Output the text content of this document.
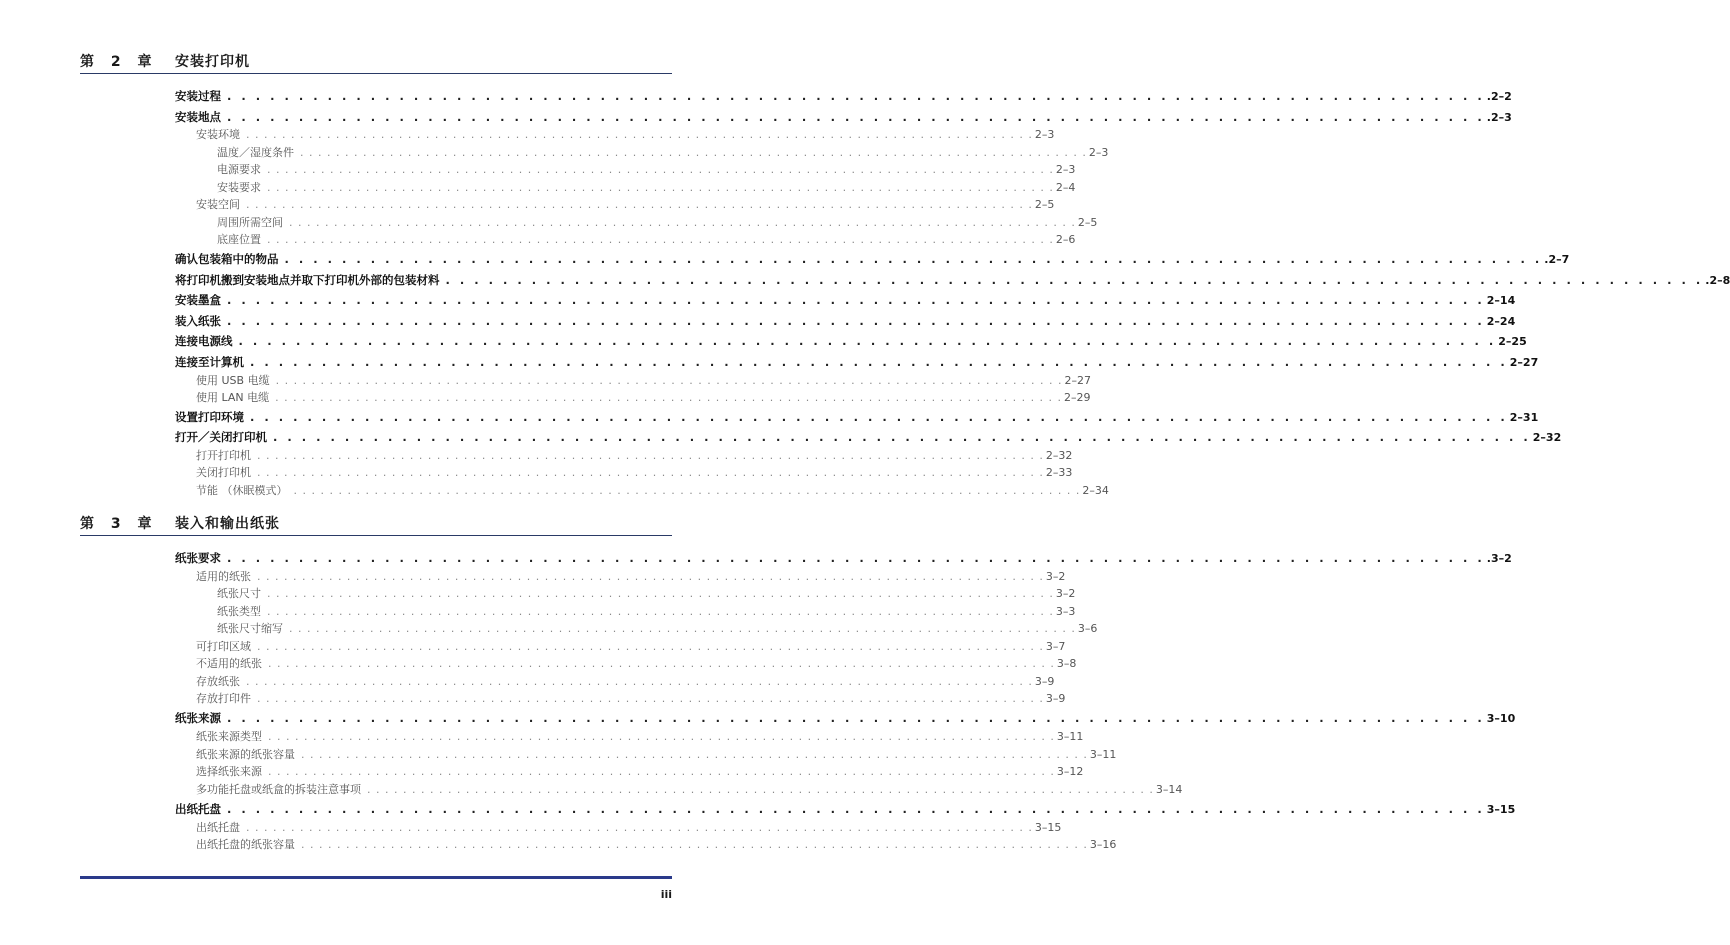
第 2 章 安装打印机
安装过程 . . . . . . . . . . . . . . . . . . . . . . . . . . . . . . . . . . . . . . . . . . . . . . . . . . . . . . . . . . . . . . . . . . . . . . . . . . . . . . . . . . . . . . . . .2–2
安装地点 . . . . . . . . . . . . . . . . . . . . . . . . . . . . . . . . . . . . . . . . . . . . . . . . . . . . . . . . . . . . . . . . . . . . . . . . . . . . . . . . . . . . . . . . .2–3
安装环境 . . . . . . . . . . . . . . . . . . . . . . . . . . . . . . . . . . . . . . . . . . . . . . . . . . . . . . . . . . . . . . . . . . . . . . . . . . . . . . . . . . . . . . . . 2–3
温度／湿度条件 . . . . . . . . . . . . . . . . . . . . . . . . . . . . . . . . . . . . . . . . . . . . . . . . . . . . . . . . . . . . . . . . . . . . . . . . . . . . . . . . . . . . . . . . 2–3
电源要求 . . . . . . . . . . . . . . . . . . . . . . . . . . . . . . . . . . . . . . . . . . . . . . . . . . . . . . . . . . . . . . . . . . . . . . . . . . . . . . . . . . . . . . . . 2–3
安装要求 . . . . . . . . . . . . . . . . . . . . . . . . . . . . . . . . . . . . . . . . . . . . . . . . . . . . . . . . . . . . . . . . . . . . . . . . . . . . . . . . . . . . . . . . 2–4
安装空间 . . . . . . . . . . . . . . . . . . . . . . . . . . . . . . . . . . . . . . . . . . . . . . . . . . . . . . . . . . . . . . . . . . . . . . . . . . . . . . . . . . . . . . . . 2–5
周围所需空间 . . . . . . . . . . . . . . . . . . . . . . . . . . . . . . . . . . . . . . . . . . . . . . . . . . . . . . . . . . . . . . . . . . . . . . . . . . . . . . . . . . . . . . . . 2–5
底座位置 . . . . . . . . . . . . . . . . . . . . . . . . . . . . . . . . . . . . . . . . . . . . . . . . . . . . . . . . . . . . . . . . . . . . . . . . . . . . . . . . . . . . . . . . 2–6
确认包装箱中的物品 . . . . . . . . . . . . . . . . . . . . . . . . . . . . . . . . . . . . . . . . . . . . . . . . . . . . . . . . . . . . . . . . . . . . . . . . . . . . . . . . . . . . . . . . .2–7
将打印机搬到安装地点并取下打印机外部的包装材料 . . . . . . . . . . . . . . . . . . . . . . . . . . . . . . . . . . . . . . . . . . . . . . . . . . . . . . . . . . . . . . . . . . . . . . . . . . . . . . . . . . . . . . . . .2–8
安装墨盒 . . . . . . . . . . . . . . . . . . . . . . . . . . . . . . . . . . . . . . . . . . . . . . . . . . . . . . . . . . . . . . . . . . . . . . . . . . . . . . . . . . . . . . . . 2–14
装入纸张 . . . . . . . . . . . . . . . . . . . . . . . . . . . . . . . . . . . . . . . . . . . . . . . . . . . . . . . . . . . . . . . . . . . . . . . . . . . . . . . . . . . . . . . . 2–24
连接电源线 . . . . . . . . . . . . . . . . . . . . . . . . . . . . . . . . . . . . . . . . . . . . . . . . . . . . . . . . . . . . . . . . . . . . . . . . . . . . . . . . . . . . . . . . 2–25
连接至计算机 . . . . . . . . . . . . . . . . . . . . . . . . . . . . . . . . . . . . . . . . . . . . . . . . . . . . . . . . . . . . . . . . . . . . . . . . . . . . . . . . . . . . . . . . 2–27
使用 USB 电缆 . . . . . . . . . . . . . . . . . . . . . . . . . . . . . . . . . . . . . . . . . . . . . . . . . . . . . . . . . . . . . . . . . . . . . . . . . . . . . . . . . . . . . . . . 2–27
使用 LAN 电缆 . . . . . . . . . . . . . . . . . . . . . . . . . . . . . . . . . . . . . . . . . . . . . . . . . . . . . . . . . . . . . . . . . . . . . . . . . . . . . . . . . . . . . . . . 2–29
设置打印环境 . . . . . . . . . . . . . . . . . . . . . . . . . . . . . . . . . . . . . . . . . . . . . . . . . . . . . . . . . . . . . . . . . . . . . . . . . . . . . . . . . . . . . . . . 2–31
打开／关闭打印机 . . . . . . . . . . . . . . . . . . . . . . . . . . . . . . . . . . . . . . . . . . . . . . . . . . . . . . . . . . . . . . . . . . . . . . . . . . . . . . . . . . . . . . . . 2–32
打开打印机 . . . . . . . . . . . . . . . . . . . . . . . . . . . . . . . . . . . . . . . . . . . . . . . . . . . . . . . . . . . . . . . . . . . . . . . . . . . . . . . . . . . . . . . . 2–32
关闭打印机 . . . . . . . . . . . . . . . . . . . . . . . . . . . . . . . . . . . . . . . . . . . . . . . . . . . . . . . . . . . . . . . . . . . . . . . . . . . . . . . . . . . . . . . . 2–33
节能 （休眠模式） . . . . . . . . . . . . . . . . . . . . . . . . . . . . . . . . . . . . . . . . . . . . . . . . . . . . . . . . . . . . . . . . . . . . . . . . . . . . . . . . . . . . . . . . 2–34
第 3 章 装入和输出纸张
纸张要求 . . . . . . . . . . . . . . . . . . . . . . . . . . . . . . . . . . . . . . . . . . . . . . . . . . . . . . . . . . . . . . . . . . . . . . . . . . . . . . . . . . . . . . . . .3–2
适用的纸张 . . . . . . . . . . . . . . . . . . . . . . . . . . . . . . . . . . . . . . . . . . . . . . . . . . . . . . . . . . . . . . . . . . . . . . . . . . . . . . . . . . . . . . . . 3–2
纸张尺寸 . . . . . . . . . . . . . . . . . . . . . . . . . . . . . . . . . . . . . . . . . . . . . . . . . . . . . . . . . . . . . . . . . . . . . . . . . . . . . . . . . . . . . . . . 3–2
纸张类型 . . . . . . . . . . . . . . . . . . . . . . . . . . . . . . . . . . . . . . . . . . . . . . . . . . . . . . . . . . . . . . . . . . . . . . . . . . . . . . . . . . . . . . . . 3–3
纸张尺寸缩写 . . . . . . . . . . . . . . . . . . . . . . . . . . . . . . . . . . . . . . . . . . . . . . . . . . . . . . . . . . . . . . . . . . . . . . . . . . . . . . . . . . . . . . . . 3–6
可打印区域 . . . . . . . . . . . . . . . . . . . . . . . . . . . . . . . . . . . . . . . . . . . . . . . . . . . . . . . . . . . . . . . . . . . . . . . . . . . . . . . . . . . . . . . . 3–7
不适用的纸张 . . . . . . . . . . . . . . . . . . . . . . . . . . . . . . . . . . . . . . . . . . . . . . . . . . . . . . . . . . . . . . . . . . . . . . . . . . . . . . . . . . . . . . . . 3–8
存放纸张 . . . . . . . . . . . . . . . . . . . . . . . . . . . . . . . . . . . . . . . . . . . . . . . . . . . . . . . . . . . . . . . . . . . . . . . . . . . . . . . . . . . . . . . . 3–9
存放打印件 . . . . . . . . . . . . . . . . . . . . . . . . . . . . . . . . . . . . . . . . . . . . . . . . . . . . . . . . . . . . . . . . . . . . . . . . . . . . . . . . . . . . . . . . 3–9
纸张来源 . . . . . . . . . . . . . . . . . . . . . . . . . . . . . . . . . . . . . . . . . . . . . . . . . . . . . . . . . . . . . . . . . . . . . . . . . . . . . . . . . . . . . . . . 3–10
纸张来源类型 . . . . . . . . . . . . . . . . . . . . . . . . . . . . . . . . . . . . . . . . . . . . . . . . . . . . . . . . . . . . . . . . . . . . . . . . . . . . . . . . . . . . . . . . 3–11
纸张来源的纸张容量 . . . . . . . . . . . . . . . . . . . . . . . . . . . . . . . . . . . . . . . . . . . . . . . . . . . . . . . . . . . . . . . . . . . . . . . . . . . . . . . . . . . . . . . . 3–11
选择纸张来源 . . . . . . . . . . . . . . . . . . . . . . . . . . . . . . . . . . . . . . . . . . . . . . . . . . . . . . . . . . . . . . . . . . . . . . . . . . . . . . . . . . . . . . . . 3–12
多功能托盘或纸盒的拆装注意事项 . . . . . . . . . . . . . . . . . . . . . . . . . . . . . . . . . . . . . . . . . . . . . . . . . . . . . . . . . . . . . . . . . . . . . . . . . . . . . . . . . . . . . . . . 3–14
出纸托盘 . . . . . . . . . . . . . . . . . . . . . . . . . . . . . . . . . . . . . . . . . . . . . . . . . . . . . . . . . . . . . . . . . . . . . . . . . . . . . . . . . . . . . . . . 3–15
出纸托盘 . . . . . . . . . . . . . . . . . . . . . . . . . . . . . . . . . . . . . . . . . . . . . . . . . . . . . . . . . . . . . . . . . . . . . . . . . . . . . . . . . . . . . . . . 3–15
出纸托盘的纸张容量 . . . . . . . . . . . . . . . . . . . . . . . . . . . . . . . . . . . . . . . . . . . . . . . . . . . . . . . . . . . . . . . . . . . . . . . . . . . . . . . . . . . . . . . . 3–16
iii
